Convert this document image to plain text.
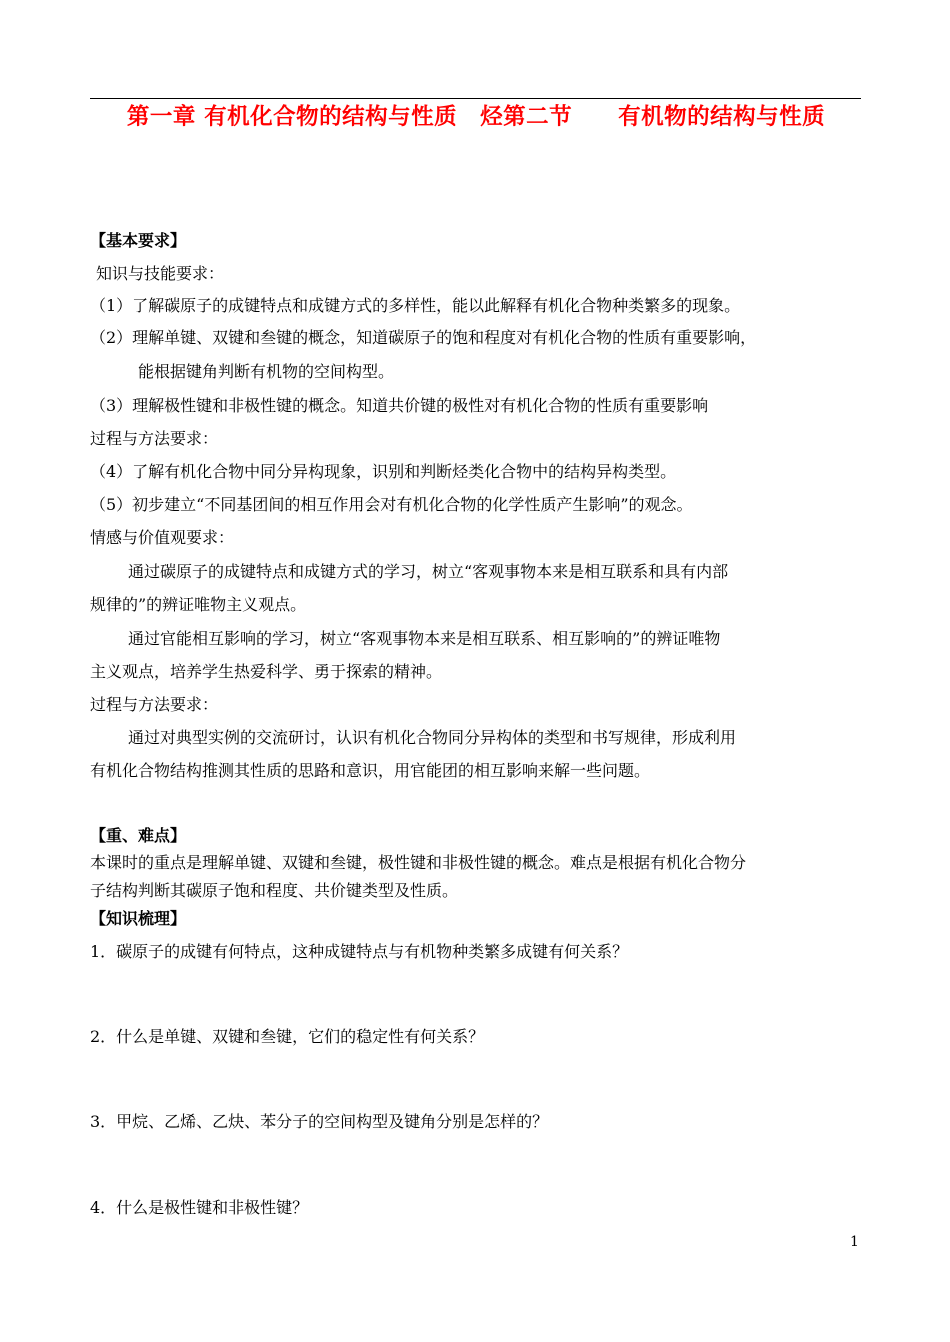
第一章 有机化合物的结构与性质　烃第二节　　有机物的结构与性质
【基本要求】
知识与技能要求：
（1）了解碳原子的成键特点和成键方式的多样性，能以此解释有机化合物种类繁多的现象。
（2）理解单键、双键和叁键的概念，知道碳原子的饱和程度对有机化合物的性质有重要影响，
能根据键角判断有机物的空间构型。
（3）理解极性键和非极性键的概念。知道共价键的极性对有机化合物的性质有重要影响
过程与方法要求：
（4）了解有机化合物中同分异构现象，识别和判断烃类化合物中的结构异构类型。
（5）初步建立“不同基团间的相互作用会对有机化合物的化学性质产生影响”的观念。
情感与价值观要求：
通过碳原子的成键特点和成键方式的学习，树立“客观事物本来是相互联系和具有内部
规律的”的辨证唯物主义观点。
通过官能相互影响的学习，树立“客观事物本来是相互联系、相互影响的”的辨证唯物
主义观点，培养学生热爱科学、勇于探索的精神。
过程与方法要求：
通过对典型实例的交流研讨，认识有机化合物同分异构体的类型和书写规律，形成利用
有机化合物结构推测其性质的思路和意识，用官能团的相互影响来解一些问题。
【重、难点】
本课时的重点是理解单键、双键和叁键，极性键和非极性键的概念。难点是根据有机化合物分
子结构判断其碳原子饱和程度、共价键类型及性质。
【知识梳理】
1．碳原子的成键有何特点，这种成键特点与有机物种类繁多成键有何关系？
2．什么是单键、双键和叁键，它们的稳定性有何关系？
3．甲烷、乙烯、乙炔、苯分子的空间构型及键角分别是怎样的？
4．什么是极性键和非极性键？
1
